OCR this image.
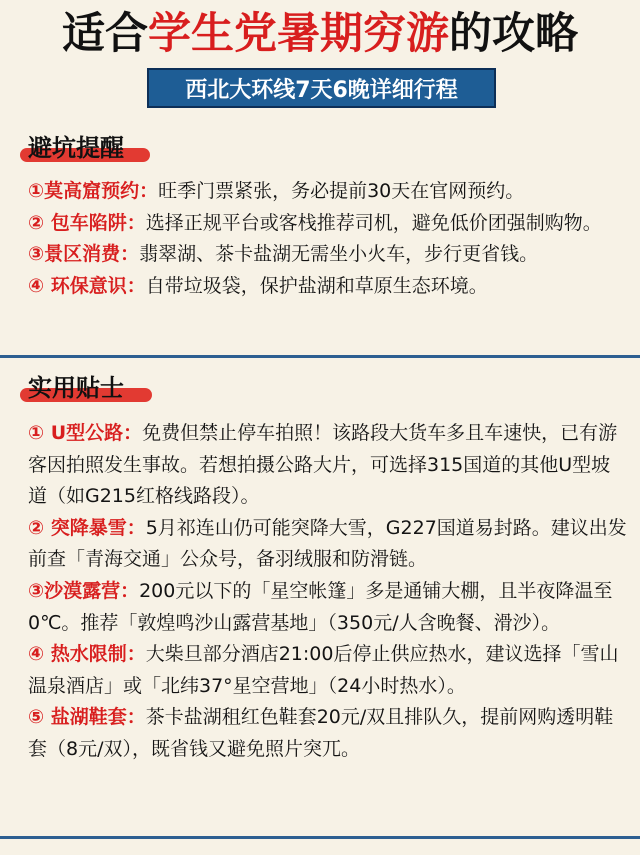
适合学生党暑期穷游的攻略
西北大环线7天6晚详细行程
避坑提醒

①莫高窟预约：旺季门票紧张，务必提前30天在官网预约。

② 包车陷阱：选择正规平台或客栈推荐司机，避免低价团强制购物。

③景区消费：翡翠湖、茶卡盐湖无需坐小火车，步行更省钱。

④ 环保意识：自带垃圾袋，保护盐湖和草原生态环境。

实用贴士

① U型公路：免费但禁止停车拍照！该路段大货车多且车速快，已有游客因拍照发生事故。若想拍摄公路大片，可选择315国道的其他U型坡道（如G215红格线路段）。

② 突降暴雪：5月祁连山仍可能突降大雪，G227国道易封路。建议出发前查「青海交通」公众号，备羽绒服和防滑链。

③沙漠露营：200元以下的「星空帐篷」多是通铺大棚，且半夜降温至0℃。推荐「敦煌鸣沙山露营基地」（350元/人含晚餐、滑沙）。

④ 热水限制：大柴旦部分酒店21:00后停止供应热水，建议选择「雪山温泉酒店」或「北纬37°星空营地」（24小时热水）。

⑤ 盐湖鞋套：茶卡盐湖租红色鞋套20元/双且排队久，提前网购透明鞋套（8元/双），既省钱又避免照片突兀。
